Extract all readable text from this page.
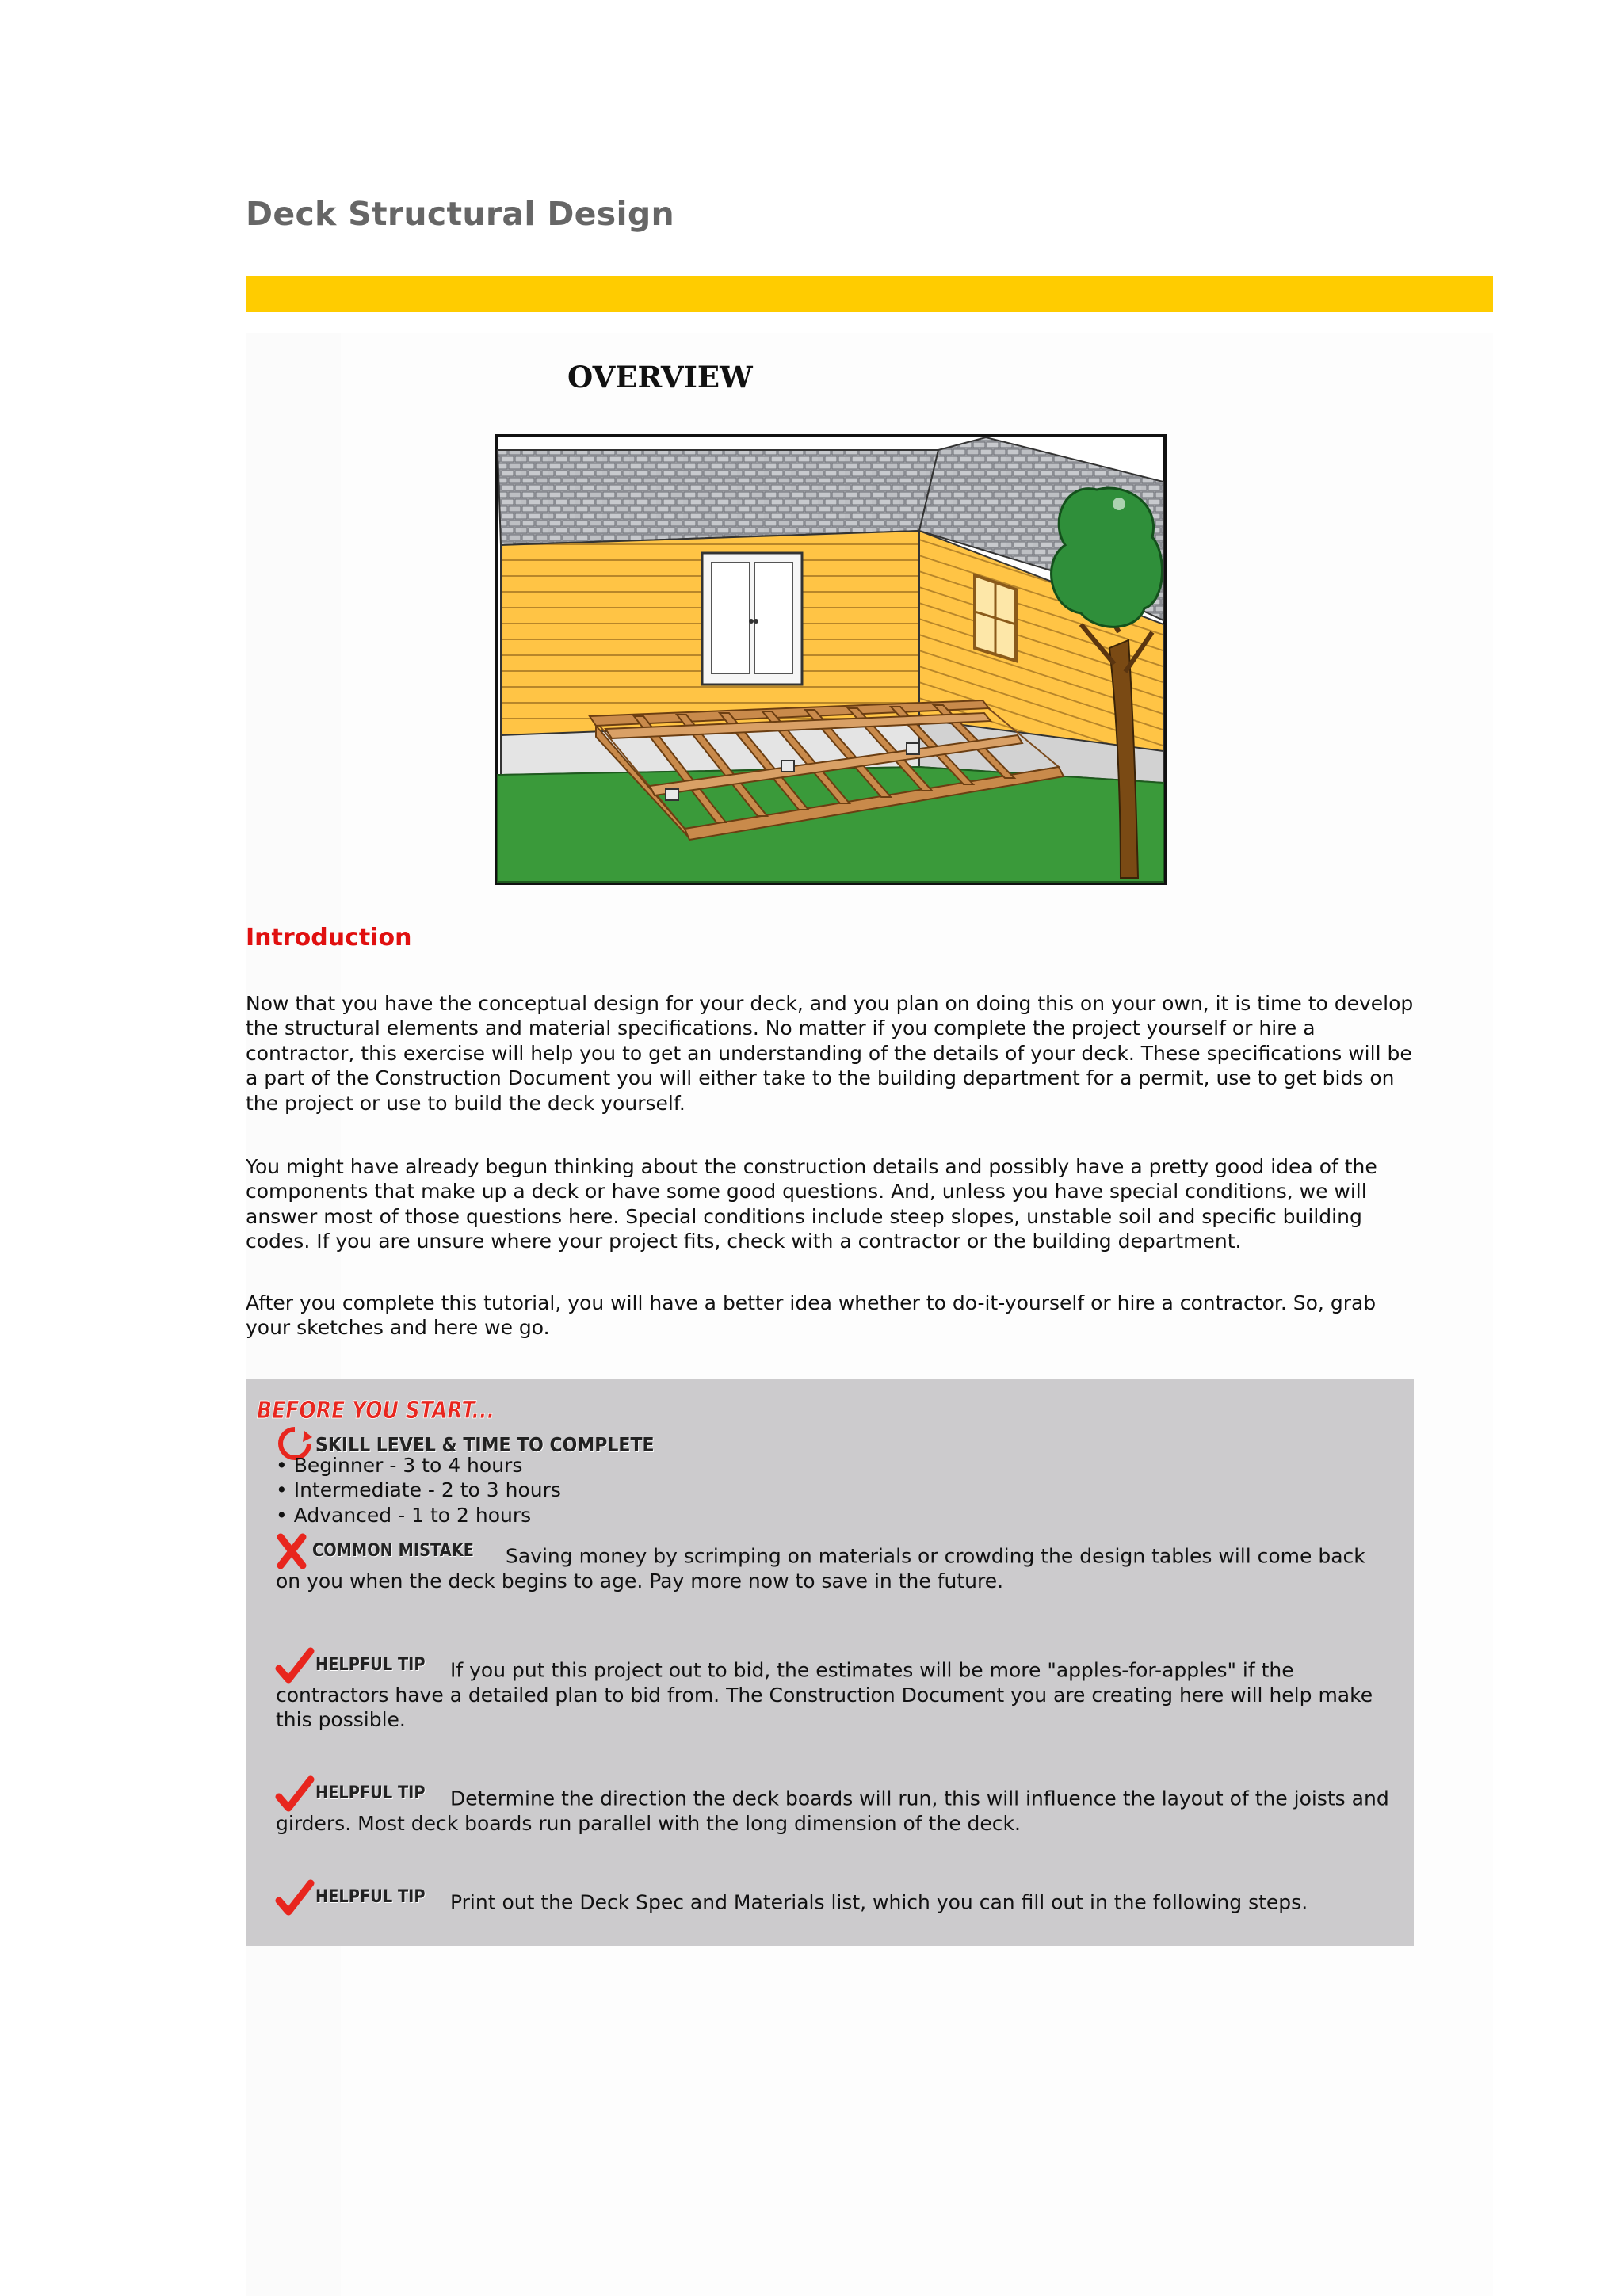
Deck Structural Design
OVERVIEW
Introduction

Now that you have the conceptual design for your deck, and you plan on doing this on your own, it is time to develop the structural elements and material specifications. No matter if you complete the project yourself or hire a contractor, this exercise will help you to get an understanding of the details of your deck. These specifications will be a part of the Construction Document you will either take to the building department for a permit, use to get bids on the project or use to build the deck yourself.

You might have already begun thinking about the construction details and possibly have a pretty good idea of the components that make up a deck or have some good questions. And, unless you have special conditions, we will answer most of those questions here. Special conditions include steep slopes, unstable soil and specific building codes. If you are unsure where your project fits, check with a contractor or the building department.

After you complete this tutorial, you will have a better idea whether to do-it-yourself or hire a contractor. So, grab your sketches and here we go.

BEFORE YOU START...
SKILL LEVEL & TIME TO COMPLETE
• Beginner - 3 to 4 hours
• Intermediate - 2 to 3 hours
• Advanced - 1 to 2 hours
COMMON MISTAKE Saving money by scrimping on materials or crowding the design tables will come back on you when the deck begins to age. Pay more now to save in the future.
HELPFUL TIP If you put this project out to bid, the estimates will be more "apples-for-apples" if the contractors have a detailed plan to bid from. The Construction Document you are creating here will help make this possible.
HELPFUL TIP Determine the direction the deck boards will run, this will influence the layout of the joists and girders. Most deck boards run parallel with the long dimension of the deck.
HELPFUL TIP Print out the Deck Spec and Materials list, which you can fill out in the following steps.
